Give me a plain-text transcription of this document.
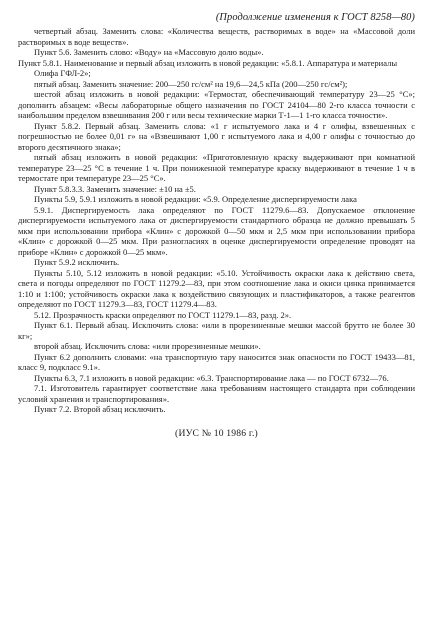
(Продолжение изменения к ГОСТ 8258—80)

четвертый абзац. Заменить слова: «Количества веществ, растворимых в воде» на «Массовой доли растворимых в воде веществ».

Пункт 5.6. Заменить слово: «Воду» на «Массовую долю воды».

Пункт 5.8.1. Наименование и первый абзац изложить в новой редакции: «5.8.1. Аппаратура и материалы

Олифа ГФЛ-2»;

пятый абзац. Заменить значение: 200—250 гс/см² на 19,6—24,5 кПа (200—250 гс/см²);

шестой абзац изложить в новой редакции: «Термостат, обеспечивающий температуру 23—25 °С»; дополнить абзацем: «Весы лабораторные общего назначения по ГОСТ 24104—80 2-го класса точности с наибольшим пределом взвешивания 200 г или весы технические марки Т-1—1 1-го класса точности».

Пункт 5.8.2. Первый абзац. Заменить слова: «1 г испытуемого лака и 4 г олифы, взвешенных с погрешностью не более 0,01 г» на «Взвешивают 1,00 г испытуемого лака и 4,00 г олифы с точностью до второго десятичного знака»;

пятый абзац изложить в новой редакции: «Приготовленную краску выдерживают при комнатной температуре 23—25 °С в течение 1 ч. При пониженной температуре краску выдерживают в течение 1 ч в термостате при температуре 23—25 °С».

Пункт 5.8.3.3. Заменить значение: ±10 на ±5.

Пункты 5.9, 5.9.1 изложить в новой редакции: «5.9. Определение диспергируемости лака

5.9.1. Диспергируемость лака определяют по ГОСТ 11279.6—83. Допускаемое отклонение диспергируемости испытуемого лака от диспергируемости стандартного образца не должно превышать 5 мкм при использовании прибора «Клин» с дорожкой 0—50 мкм и 2,5 мкм при использовании прибора «Клин» с дорожкой 0—25 мкм. При разногласиях в оценке диспергируемости определение проводят на приборе «Клин» с дорожкой 0—25 мкм».

Пункт 5.9.2 исключить.

Пункты 5.10, 5.12 изложить в новой редакции: «5.10. Устойчивость окраски лака к действию света, света и погоды определяют по ГОСТ 11279.2—83, при этом соотношение лака и окиси цинка принимается 1:10 и 1:100; устойчивость окраски лака к воздействию связующих и пластификаторов, а также реагентов определяют по ГОСТ 11279.3—83, ГОСТ 11279.4—83.

5.12. Прозрачность краски определяют по ГОСТ 11279.1—83, разд. 2».

Пункт 6.1. Первый абзац. Исключить слова: «или в прорезиненные мешки массой брутто не более 30 кг»;

второй абзац. Исключить слова: «или прорезиненные мешки».

Пункт 6.2 дополнить словами: «на транспортную тару наносится знак опасности по ГОСТ 19433—81, класс 9, подкласс 9.1».

Пункты 6.3, 7.1 изложить в новой редакции: «6.3. Транспортирование лака — по ГОСТ 6732—76.

7.1. Изготовитель гарантирует соответствие лака требованиям настоящего стандарта при соблюдении условий хранения и транспортирования».

Пункт 7.2. Второй абзац исключить.

(ИУС № 10 1986 г.)
